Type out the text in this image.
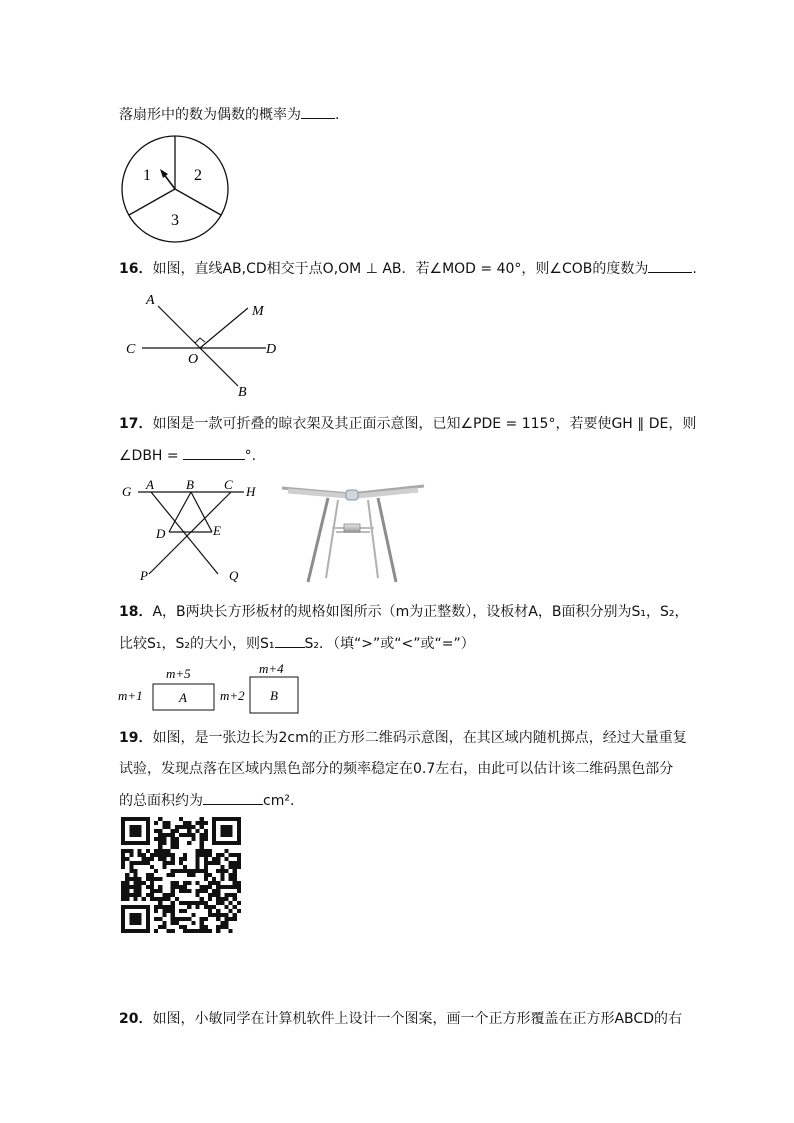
落扇形中的数为偶数的概率为 .
1	2
3
16．如图，直线AB,CD相交于点O,OM ⊥ AB．若∠MOD = 40°，则∠COB的度数为	.
A
M
C
O
D
B
17．如图是一款可折叠的晾衣架及其正面示意图，已知∠PDE = 115°，若要使GH ∥ DE，则
∠DBH =	°.
G A B C H
D	E
P	Q
18．A，B两块长方形板材的规格如图所示（m为正整数），设板材A，B面积分别为S₁，S₂，
比较S₁，S₂的大小，则S₁ S₂．（填“>”或“<”或“=”）
m+5
m+1	A
m+4
m+2 B
19．如图，是一张边长为2cm的正方形二维码示意图，在其区域内随机掷点，经过大量重复
试验，发现点落在区域内黑色部分的频率稳定在0.7左右，由此可以估计该二维码黑色部分
的总面积约为	cm².
20．如图，小敏同学在计算机软件上设计一个图案，画一个正方形覆盖在正方形ABCD的右
